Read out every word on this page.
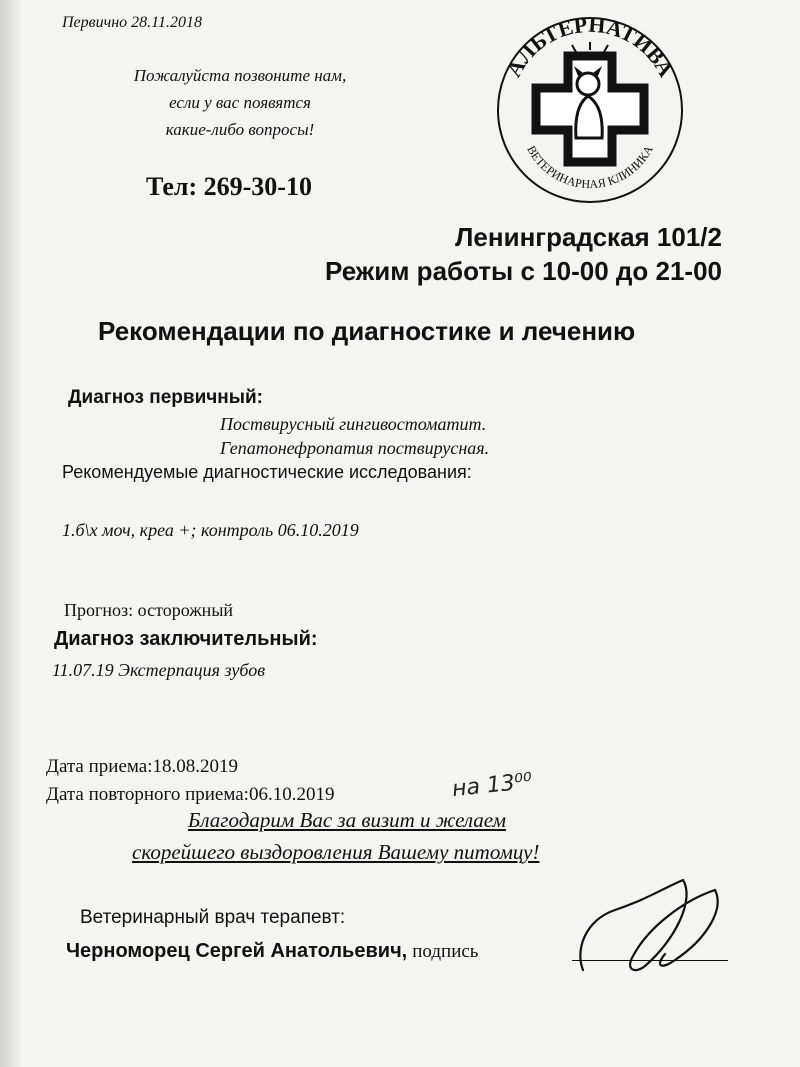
Первично 28.11.2018
Пожалуйста позвоните нам,
если у вас появятся
какие-либо вопросы!
Тел: 269-30-10
АЛЬТЕРНАТИВА
ВЕТЕРИНАРНАЯ КЛИНИКА
Ленинградская 101/2
Режим работы с 10-00 до 21-00
Рекомендации по диагностике и лечению
Диагноз первичный:
Поствирусный гингивостоматит.
Гепатонефропатия поствирусная.
Рекомендуемые диагностические исследования:
1.б\х моч, креа +; контроль 06.10.2019
Прогноз: осторожный
Диагноз заключительный:
11.07.19 Экстерпация зубов
Дата приема:18.08.2019
Дата повторного приема:06.10.2019	на 13⁰⁰
Благодарим Вас за визит и желаем
скорейшего выздоровления Вашему питомцу!
Ветеринарный врач терапевт:
Черноморец Сергей Анатольевич, подпись
